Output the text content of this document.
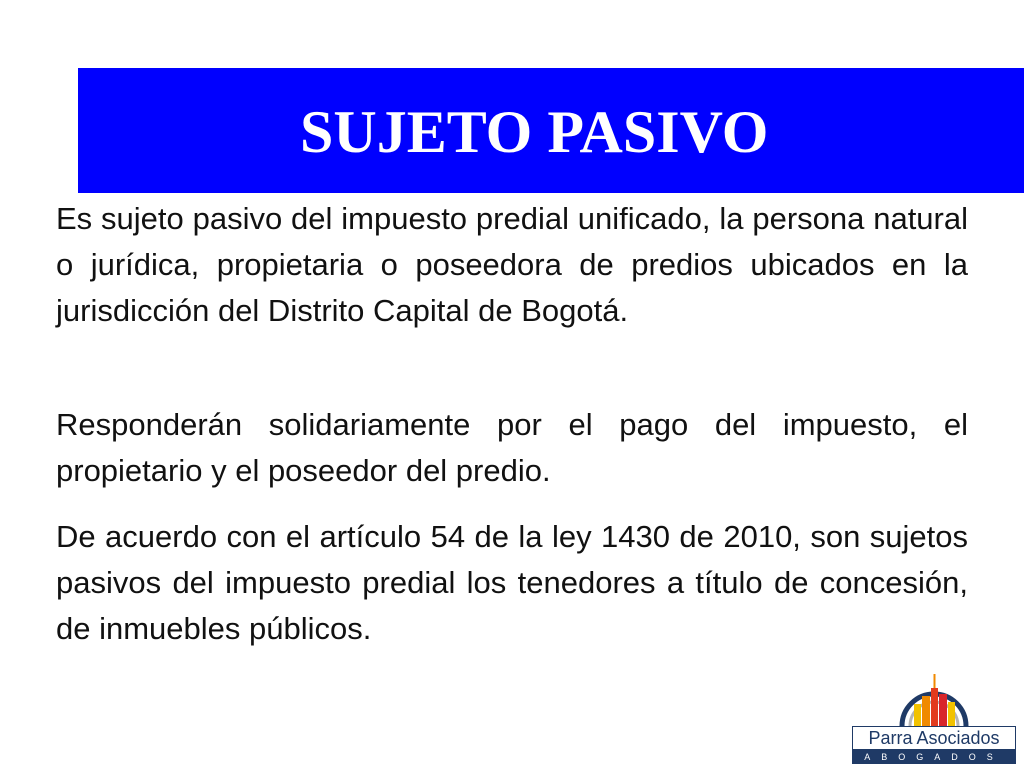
SUJETO PASIVO

Es sujeto pasivo del impuesto predial unificado, la persona natural o jurídica, propietaria o poseedora de predios ubicados en la jurisdicción del Distrito Capital de Bogotá.

Responderán solidariamente por el pago del impuesto, el propietario y el poseedor del predio.

De acuerdo con el artículo 54 de la ley 1430 de 2010, son sujetos pasivos del impuesto predial los tenedores a título de concesión, de inmuebles públicos.

Parra Asociados
ABOGADOS
